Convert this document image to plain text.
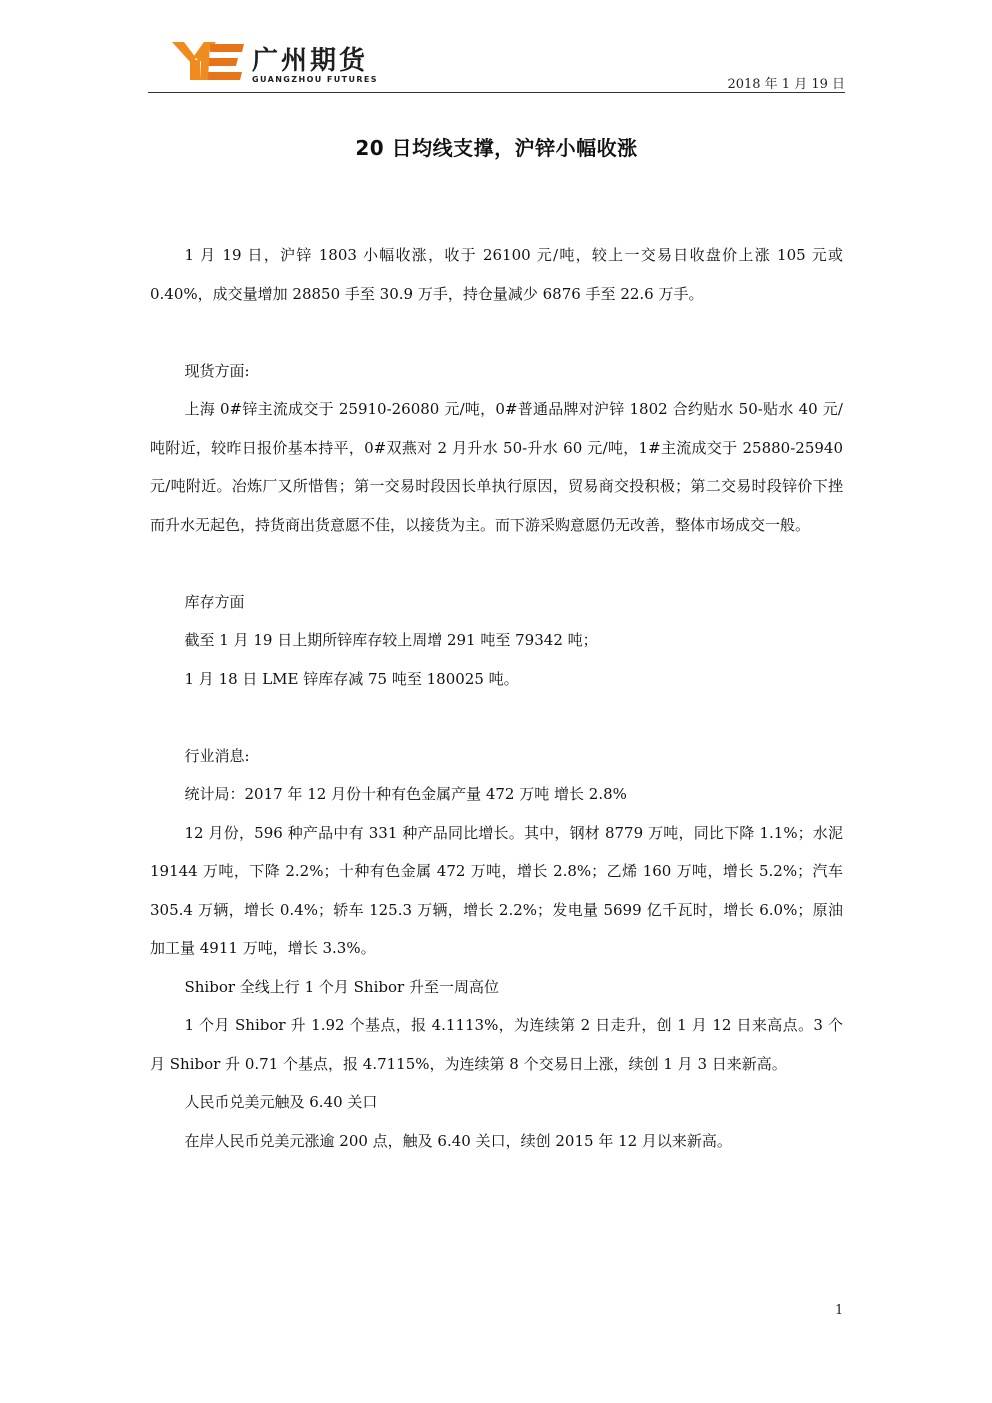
广州期货
GUANGZHOU FUTURES	2018 年 1 月 19 日
20 日均线支撑，沪锌小幅收涨

1 月 19 日，沪锌 1803 小幅收涨，收于 26100 元/吨，较上一交易日收盘价上涨 105 元或 0.40%，成交量增加 28850 手至 30.9 万手，持仓量减少 6876 手至 22.6 万手。

现货方面:

上海 0#锌主流成交于 25910-26080 元/吨，0#普通品牌对沪锌 1802 合约贴水 50-贴水 40 元/吨附近，较昨日报价基本持平，0#双燕对 2 月升水 50-升水 60 元/吨，1#主流成交于 25880-25940 元/吨附近。冶炼厂又所惜售；第一交易时段因长单执行原因，贸易商交投积极；第二交易时段锌价下挫而升水无起色，持货商出货意愿不佳，以接货为主。而下游采购意愿仍无改善，整体市场成交一般。

库存方面

截至 1 月 19 日上期所锌库存较上周增 291 吨至 79342 吨；

1 月 18 日 LME 锌库存减 75 吨至 180025 吨。

行业消息:

统计局：2017 年 12 月份十种有色金属产量 472 万吨 增长 2.8%

12 月份，596 种产品中有 331 种产品同比增长。其中，钢材 8779 万吨，同比下降 1.1%；水泥 19144 万吨，下降 2.2%；十种有色金属 472 万吨，增长 2.8%；乙烯 160 万吨，增长 5.2%；汽车 305.4 万辆，增长 0.4%；轿车 125.3 万辆，增长 2.2%；发电量 5699 亿千瓦时，增长 6.0%；原油加工量 4911 万吨，增长 3.3%。

Shibor 全线上行 1 个月 Shibor 升至一周高位

1 个月 Shibor 升 1.92 个基点，报 4.1113%，为连续第 2 日走升，创 1 月 12 日来高点。3 个月 Shibor 升 0.71 个基点，报 4.7115%，为连续第 8 个交易日上涨，续创 1 月 3 日来新高。

人民币兑美元触及 6.40 关口

在岸人民币兑美元涨逾 200 点，触及 6.40 关口，续创 2015 年 12 月以来新高。

1
